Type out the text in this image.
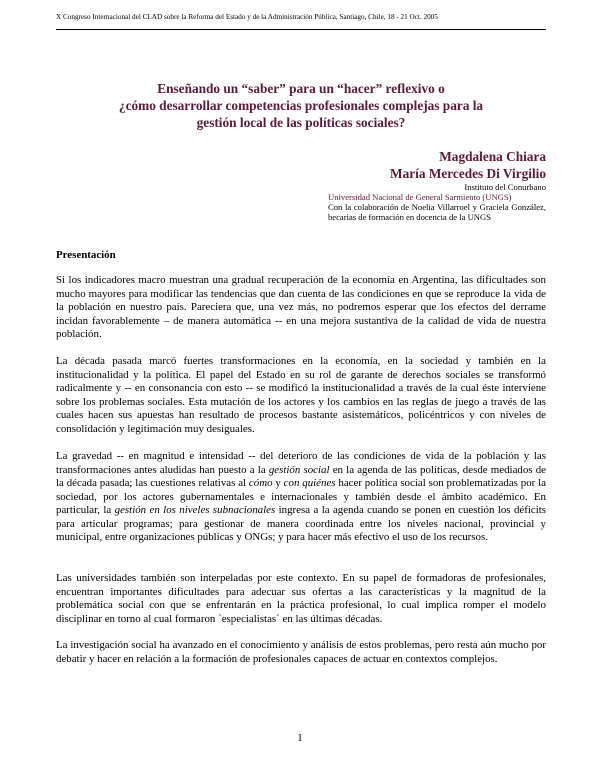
X Congreso Internacional del CLAD sobre la Reforma del Estado y de la Administración Pública, Santiago, Chile, 18 - 21 Oct. 2005
Enseñando un “saber” para un “hacer” reflexivo o
¿cómo desarrollar competencias profesionales complejas para la
gestión local de las políticas sociales?
Magdalena Chiara
María Mercedes Di Virgilio
Instituto del Conurbano
Universidad Nacional de General Sarmiento (UNGS)
Con la colaboración de Noelia Villarroel y Graciela González, becarias de formación en docencia de la UNGS
Presentación
Si los indicadores macro muestran una gradual recuperación de la economía en Argentina, las dificultades son mucho mayores para modificar las tendencias que dan cuenta de las condiciones en que se reproduce la vida de la población en nuestro país. Pareciera que, una vez más, no podremos esperar que los efectos del derrame incidan favorablemente – de manera automática -- en una mejora sustantiva de la calidad de vida de nuestra población.
La década pasada marcó fuertes transformaciones en la economía, en la sociedad y también en la institucionalidad y la política. El papel del Estado en su rol de garante de derechos sociales se transformó radicalmente y -- en consonancia con esto -- se modificó la institucionalidad a través de la cual éste interviene sobre los problemas sociales. Esta mutación de los actores y los cambios en las reglas de juego a través de las cuales hacen sus apuestas han resultado de procesos bastante asistemáticos, policéntricos y con niveles de consolidación y legitimación muy desiguales.
La gravedad -- en magnitud e intensidad -- del deterioro de las condiciones de vida de la población y las transformaciones antes aludidas han puesto a la gestión social en la agenda de las políticas, desde mediados de la década pasada; las cuestiones relativas al cómo y con quiénes hacer política social son problematizadas por la sociedad, por los actores gubernamentales e internacionales y también desde el ámbito académico. En particular, la gestión en los niveles subnacionales ingresa a la agenda cuando se ponen en cuestión los déficits para articular programas; para gestionar de manera coordinada entre los niveles nacional, provincial y municipal, entre organizaciones públicas y ONGs; y para hacer más efectivo el uso de los recursos.
Las universidades también son interpeladas por este contexto. En su papel de formadoras de profesionales, encuentran importantes dificultades para adecuar sus ofertas a las características y la magnitud de la problemática social con que se enfrentarán en la práctica profesional, lo cual implica romper el modelo disciplinar en torno al cual formaron `especialistas´ en las últimas décadas.
La investigación social ha avanzado en el conocimiento y análisis de estos problemas, pero resta aún mucho por debatir y hacer en relación a la formación de profesionales capaces de actuar en contextos complejos.
1
